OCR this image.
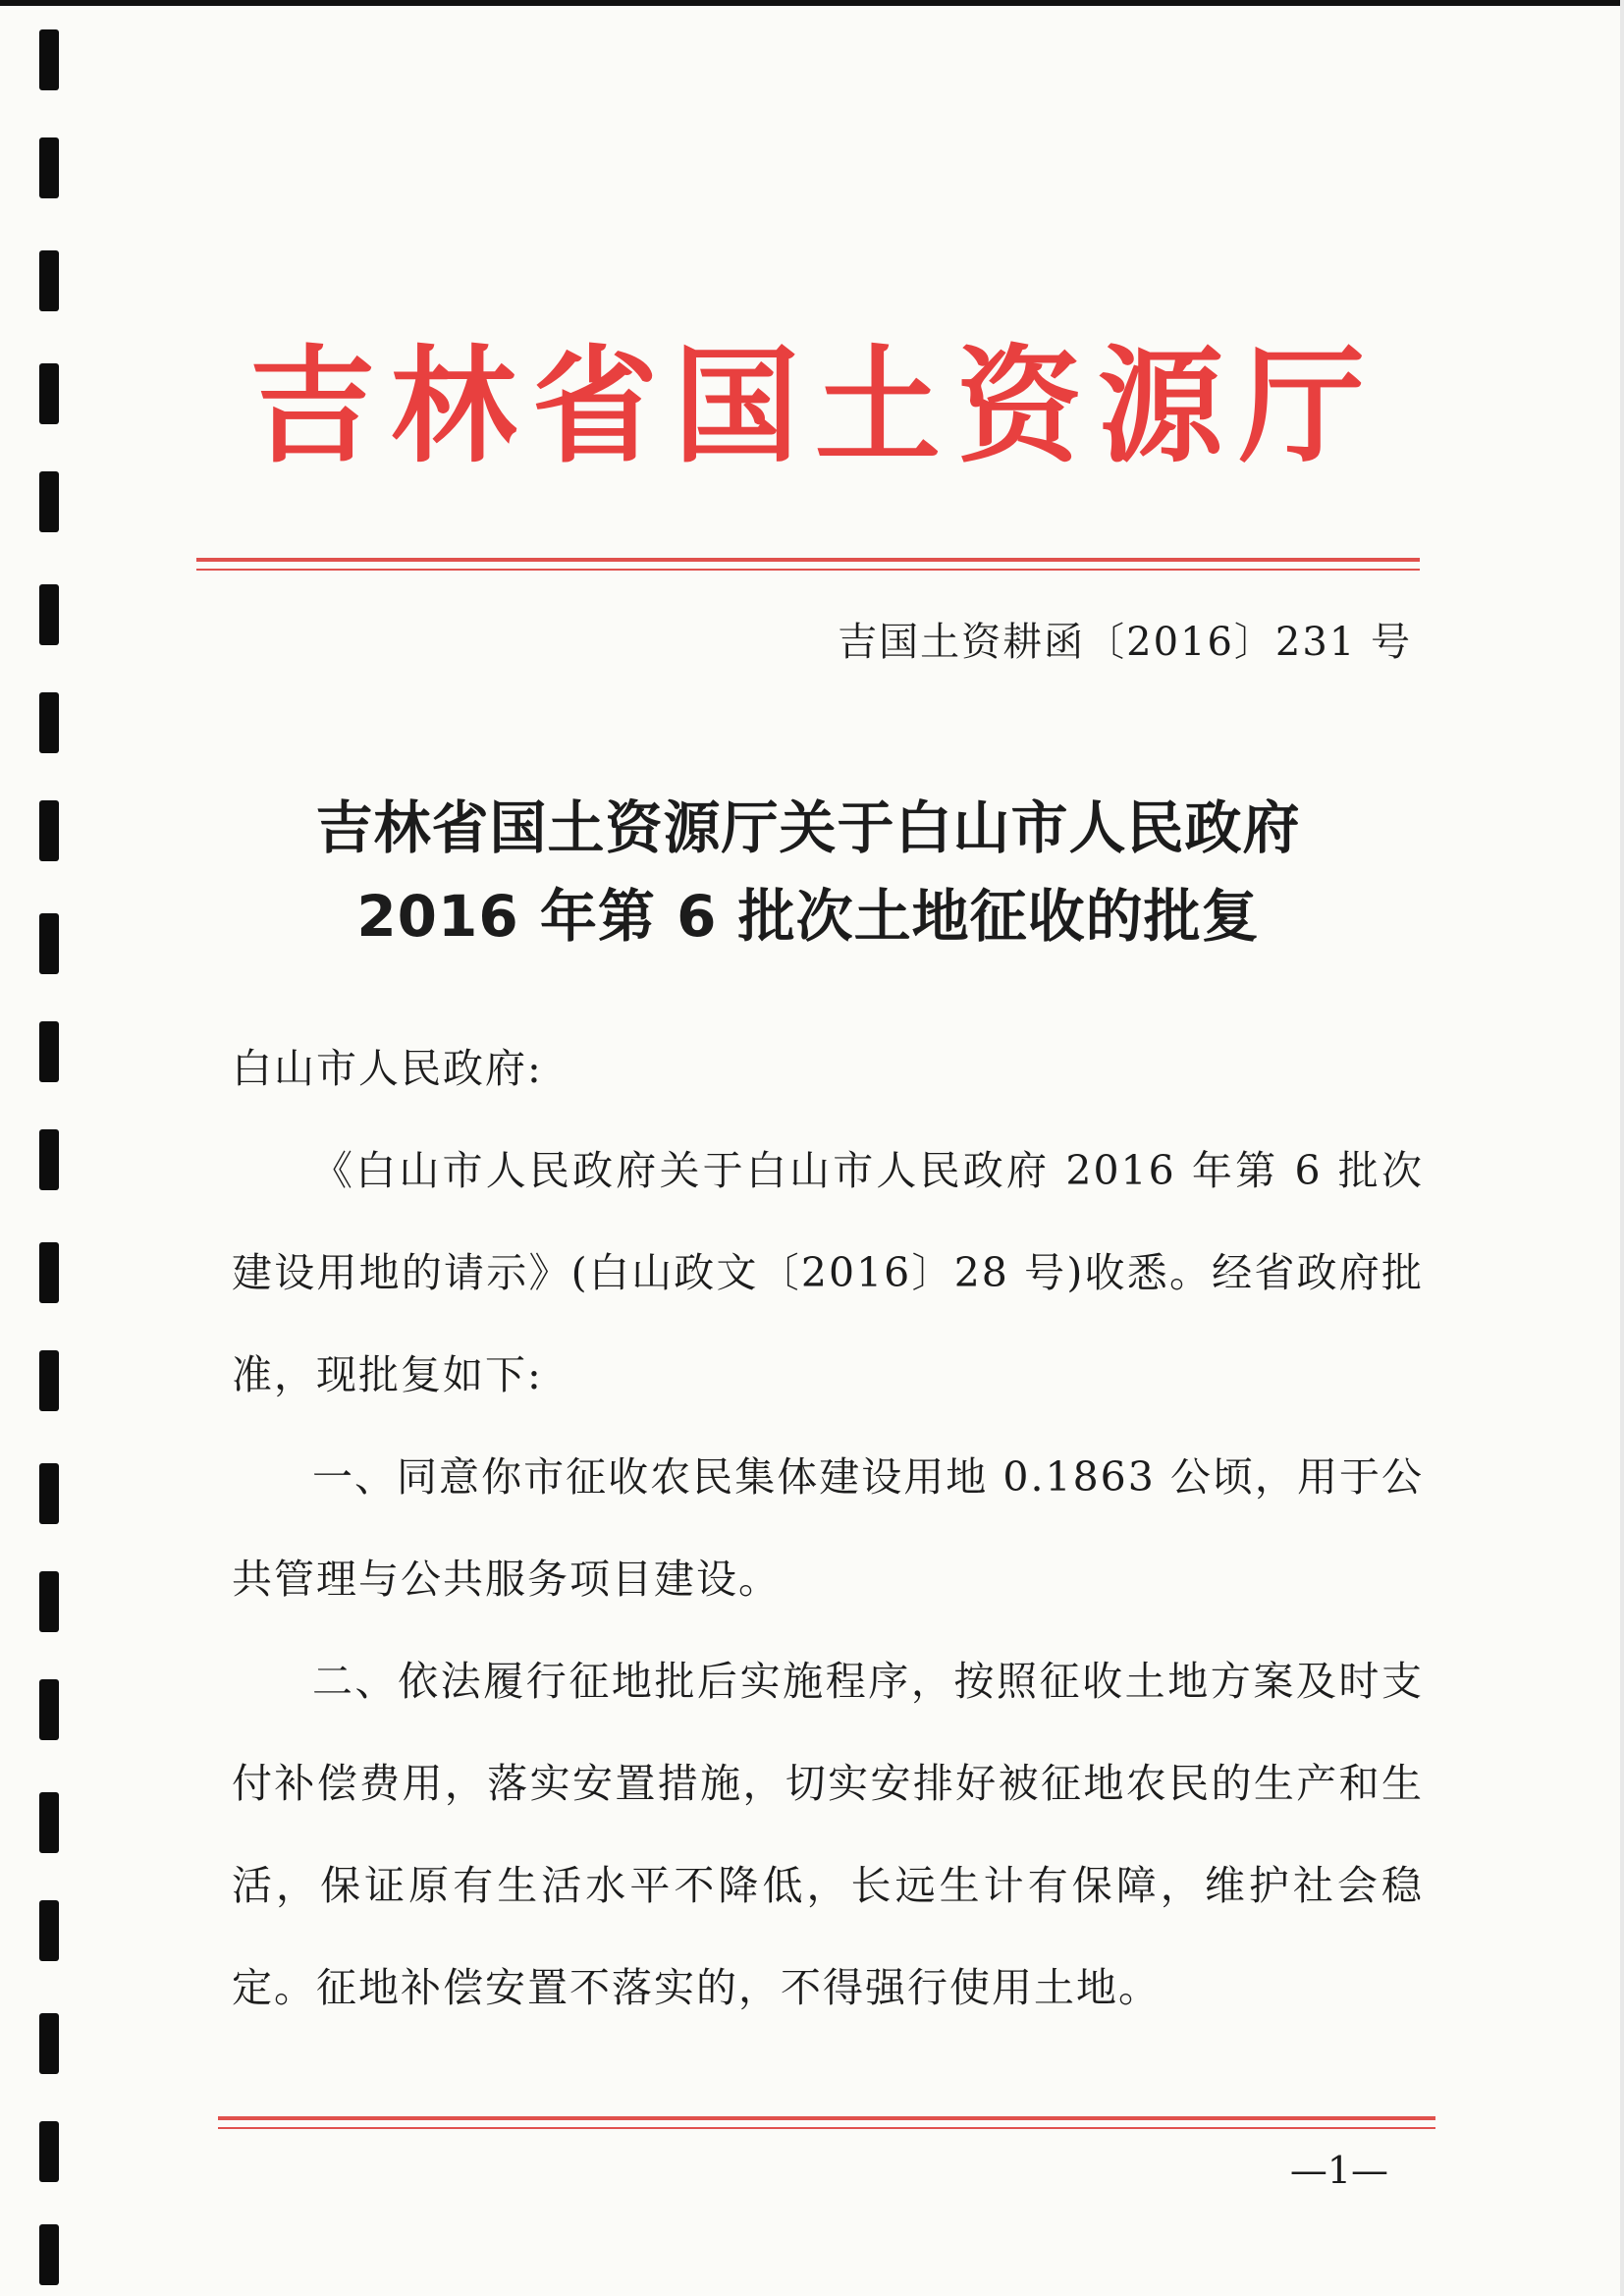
吉林省国土资源厅
吉国土资耕函〔2016〕231 号
吉林省国土资源厅关于白山市人民政府
2016 年第 6 批次土地征收的批复

白山市人民政府:

《白山市人民政府关于白山市人民政府 2016 年第 6 批次建设用地的请示》(白山政文〔2016〕28 号)收悉。经省政府批准，现批复如下:

一、同意你市征收农民集体建设用地 0.1863 公顷，用于公共管理与公共服务项目建设。

二、依法履行征地批后实施程序，按照征收土地方案及时支付补偿费用，落实安置措施，切实安排好被征地农民的生产和生活，保证原有生活水平不降低，长远生计有保障，维护社会稳定。征地补偿安置不落实的，不得强行使用土地。

—1—
